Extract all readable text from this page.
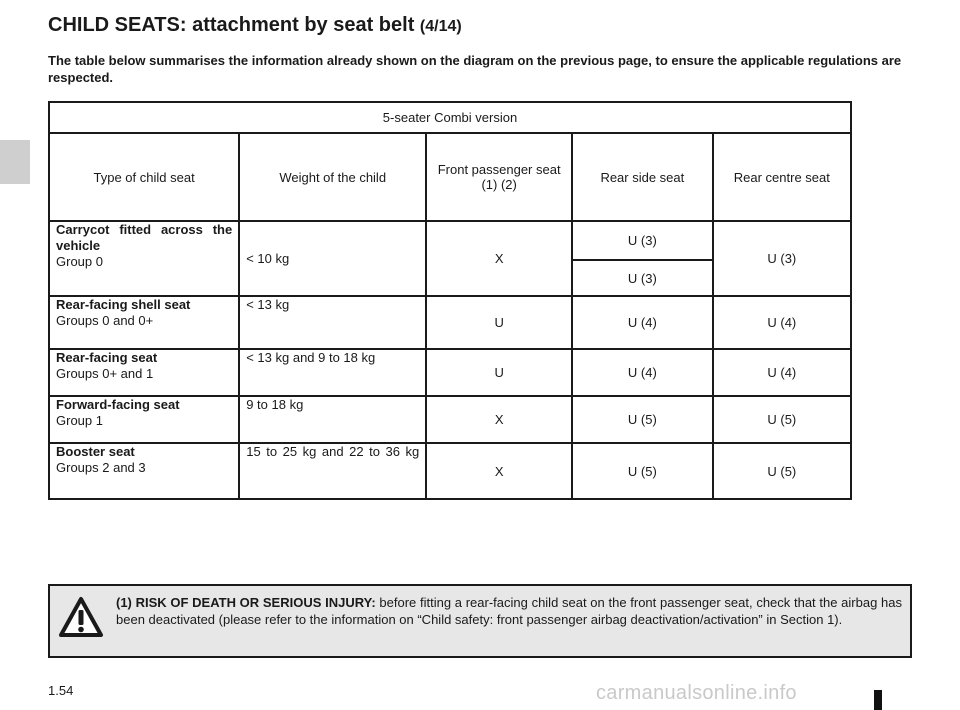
CHILD SEATS: attachment by seat belt (4/14)

The table below summarises the information already shown on the diagram on the previous page, to ensure the applicable regulations are respected.

5-seater Combi version				
Type of child seat	Weight of the child	Front passenger seat (1) (2)	Rear side seat	Rear centre seat

Carrycot fitted across the vehicle
Group 0	< 10 kg	X	U (3)	U (3)
			U (3)	

Rear-facing shell seat
Groups 0 and 0+	< 13 kg	U	U (4)	U (4)

Rear-facing seat
Groups 0+ and 1	< 13 kg and 9 to 18 kg	U	U (4)	U (4)

Forward-facing seat
Group 1	9 to 18 kg	X	U (5)	U (5)

Booster seat
Groups 2 and 3	15 to 25 kg and 22 to 36 kg	X	U (5)	U (5)

(1) RISK OF DEATH OR SERIOUS INJURY: before fitting a rear-facing child seat on the front passenger seat, check that the airbag has been deactivated (please refer to the information on “Child safety: front passenger airbag deactivation/activation” in Section 1).

1.54	carmanualsonline.info
